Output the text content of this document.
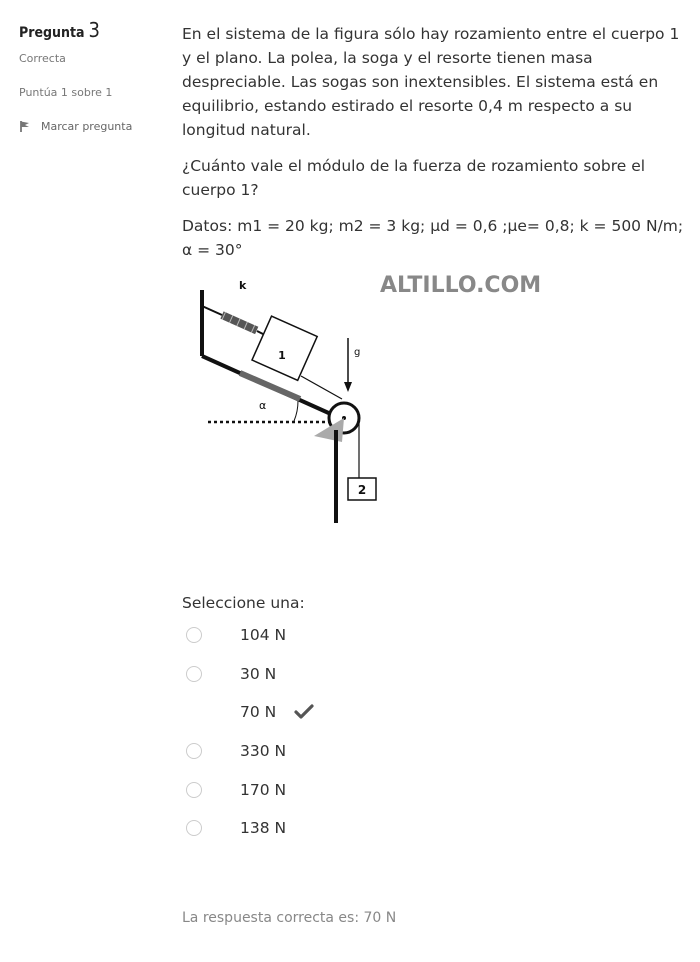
Pregunta 3
Correcta
Puntúa 1 sobre 1
Marcar pregunta

En el sistema de la figura sólo hay rozamiento entre el cuerpo 1 y el plano. La polea, la soga y el resorte tienen masa despreciable. Las sogas son inextensibles. El sistema está en equilibrio, estando estirado el resorte 0,4 m respecto a su longitud natural.

¿Cuánto vale el módulo de la fuerza de rozamiento sobre el cuerpo 1?

Datos: m1 = 20 kg; m2 = 3 kg; μd = 0,6 ;μe= 0,8; k = 500 N/m; α = 30°

1
2
α
g
k	ALTILLO.COM
Seleccione una:
104 N
30 N
70 N
330 N
170 N
138 N
La respuesta correcta es: 70 N
